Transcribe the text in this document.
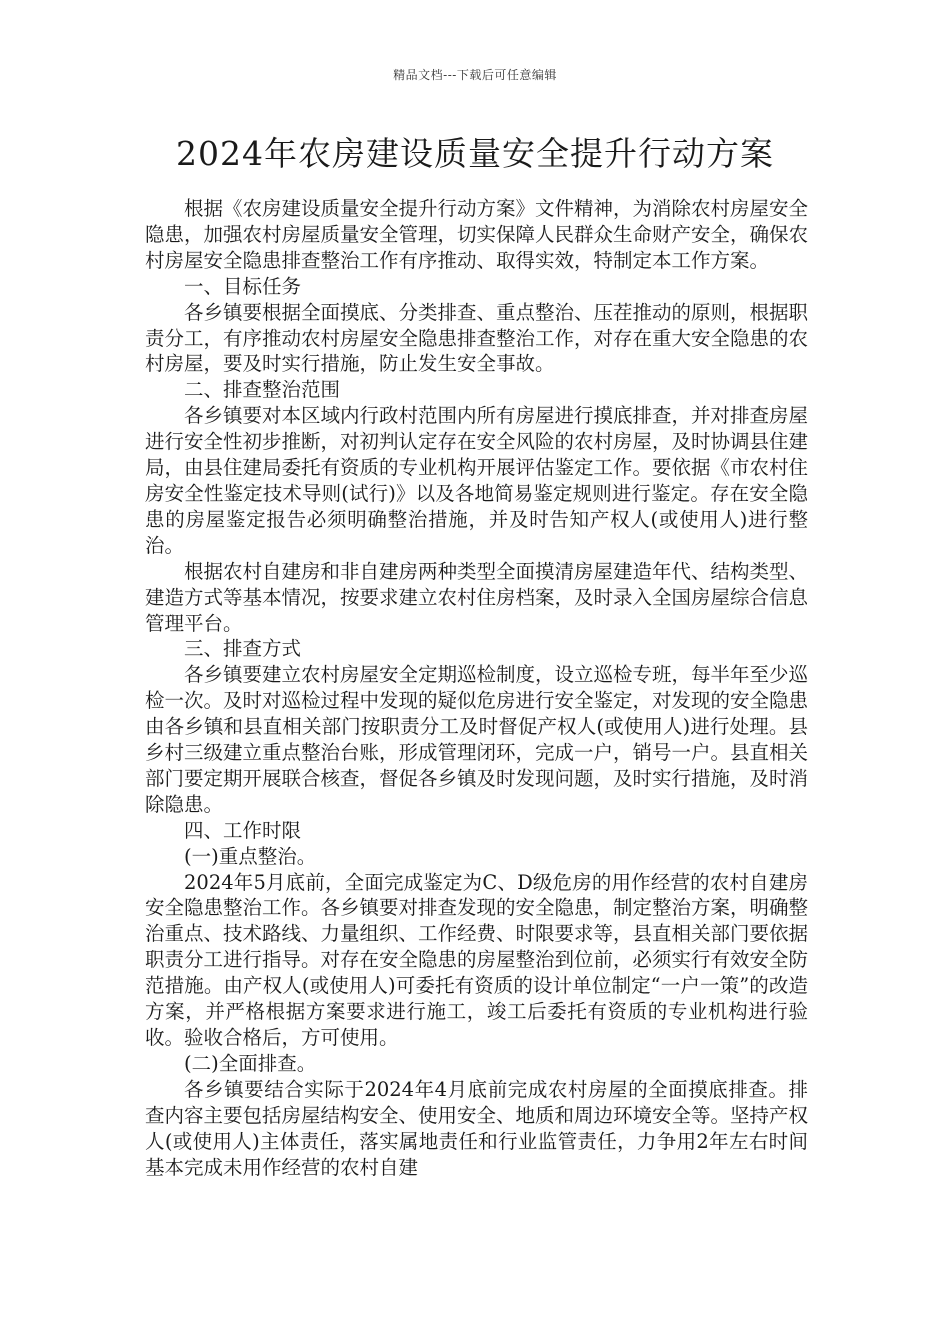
精品文档---下载后可任意编辑
2024年农房建设质量安全提升行动方案

根据《农房建设质量安全提升行动方案》文件精神，为消除农村房屋安全隐患，加强农村房屋质量安全管理，切实保障人民群众生命财产安全，确保农村房屋安全隐患排查整治工作有序推动、取得实效，特制定本工作方案。

一、目标任务

各乡镇要根据全面摸底、分类排查、重点整治、压茬推动的原则，根据职责分工，有序推动农村房屋安全隐患排查整治工作，对存在重大安全隐患的农村房屋，要及时实行措施，防止发生安全事故。

二、排查整治范围

各乡镇要对本区域内行政村范围内所有房屋进行摸底排查，并对排查房屋进行安全性初步推断，对初判认定存在安全风险的农村房屋，及时协调县住建局，由县住建局委托有资质的专业机构开展评估鉴定工作。要依据《市农村住房安全性鉴定技术导则(试行)》以及各地简易鉴定规则进行鉴定。存在安全隐患的房屋鉴定报告必须明确整治措施，并及时告知产权人(或使用人)进行整治。

根据农村自建房和非自建房两种类型全面摸清房屋建造年代、结构类型、建造方式等基本情况，按要求建立农村住房档案，及时录入全国房屋综合信息管理平台。

三、排查方式

各乡镇要建立农村房屋安全定期巡检制度，设立巡检专班，每半年至少巡检一次。及时对巡检过程中发现的疑似危房进行安全鉴定，对发现的安全隐患由各乡镇和县直相关部门按职责分工及时督促产权人(或使用人)进行处理。县乡村三级建立重点整治台账，形成管理闭环，完成一户，销号一户。县直相关部门要定期开展联合核查，督促各乡镇及时发现问题，及时实行措施，及时消除隐患。

四、工作时限

(一)重点整治。

2024年5月底前，全面完成鉴定为C、D级危房的用作经营的农村自建房安全隐患整治工作。各乡镇要对排查发现的安全隐患，制定整治方案，明确整治重点、技术路线、力量组织、工作经费、时限要求等，县直相关部门要依据职责分工进行指导。对存在安全隐患的房屋整治到位前，必须实行有效安全防范措施。由产权人(或使用人)可委托有资质的设计单位制定“一户一策”的改造方案，并严格根据方案要求进行施工，竣工后委托有资质的专业机构进行验收。验收合格后，方可使用。

(二)全面排查。

各乡镇要结合实际于2024年4月底前完成农村房屋的全面摸底排查。排查内容主要包括房屋结构安全、使用安全、地质和周边环境安全等。坚持产权人(或使用人)主体责任，落实属地责任和行业监管责任，力争用2年左右时间基本完成未用作经营的农村自建
